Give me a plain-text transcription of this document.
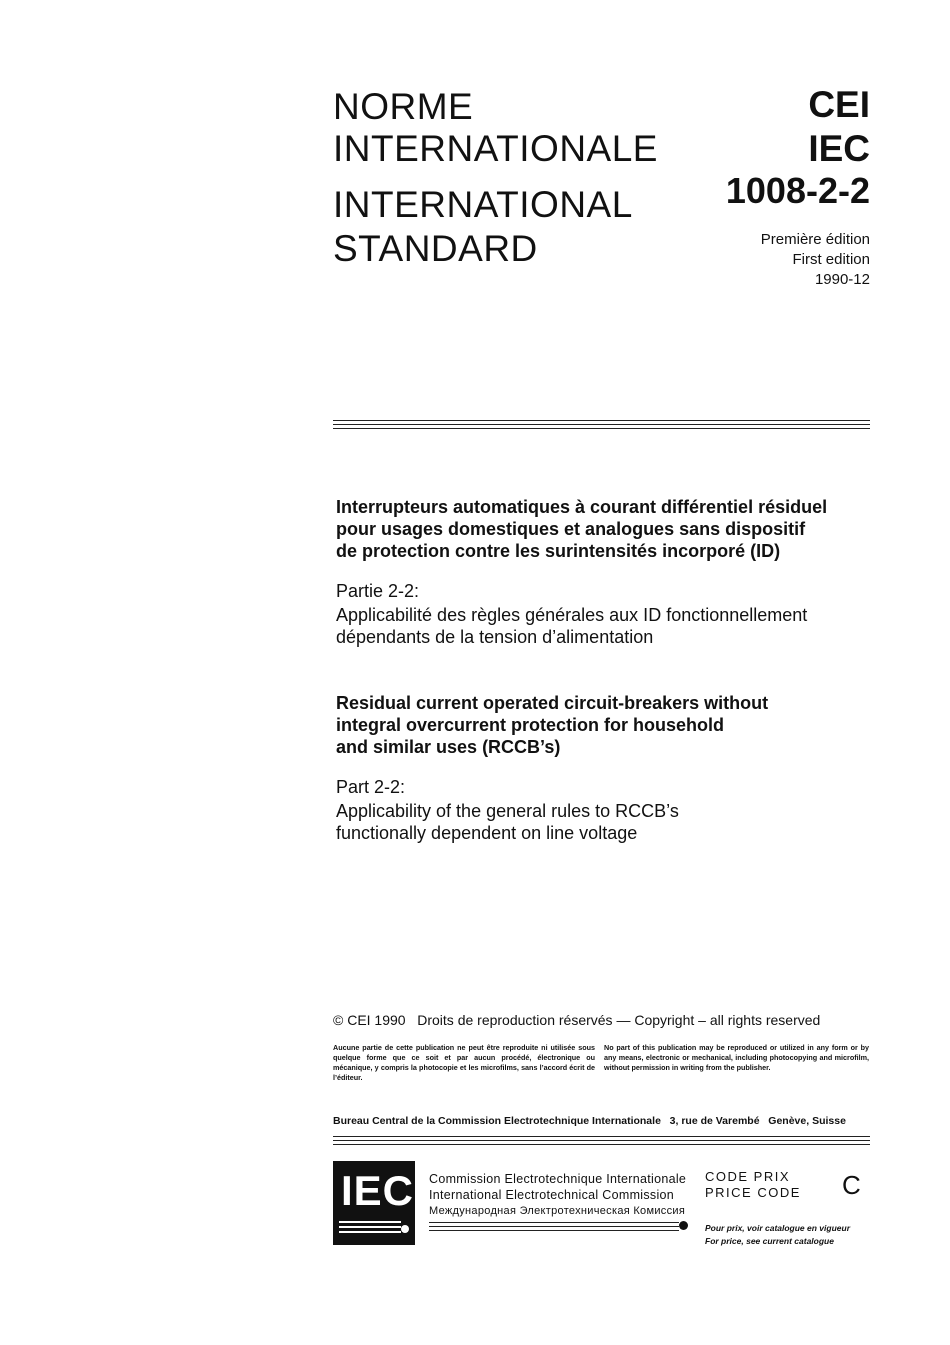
NORME
INTERNATIONALE
INTERNATIONAL
STANDARD
CEI
IEC
1008-2-2
Première édition
First edition
1990-12
Interrupteurs automatiques à courant différentiel résiduel
pour usages domestiques et analogues sans dispositif
de protection contre les surintensités incorporé (ID)
Partie 2-2:
Applicabilité des règles générales aux ID fonctionnellement
dépendants de la tension d’alimentation
Residual current operated circuit-breakers without
integral overcurrent protection for household
and similar uses (RCCB’s)
Part 2-2:
Applicability of the general rules to RCCB’s
functionally dependent on line voltage
© CEI 1990 Droits de reproduction réservés — Copyright – all rights reserved
Aucune partie de cette publication ne peut être reproduite ni utilisée sous quelque forme que ce soit et par aucun procédé, électronique ou mécanique, y compris la photocopie et les microfilms, sans l’accord écrit de l’éditeur.
No part of this publication may be reproduced or utilized in any form or by any means, electronic or mechanical, including photocopying and microfilm, without permission in writing from the publisher.
Bureau Central de la Commission Electrotechnique Internationale   3, rue de Varembé   Genève, Suisse
IEC Commission Electrotechnique Internationale
International Electrotechnical Commission
Международная Электротехническая Комиссия
CODE PRIX
PRICE CODE C
Pour prix, voir catalogue en vigueur
For price, see current catalogue
